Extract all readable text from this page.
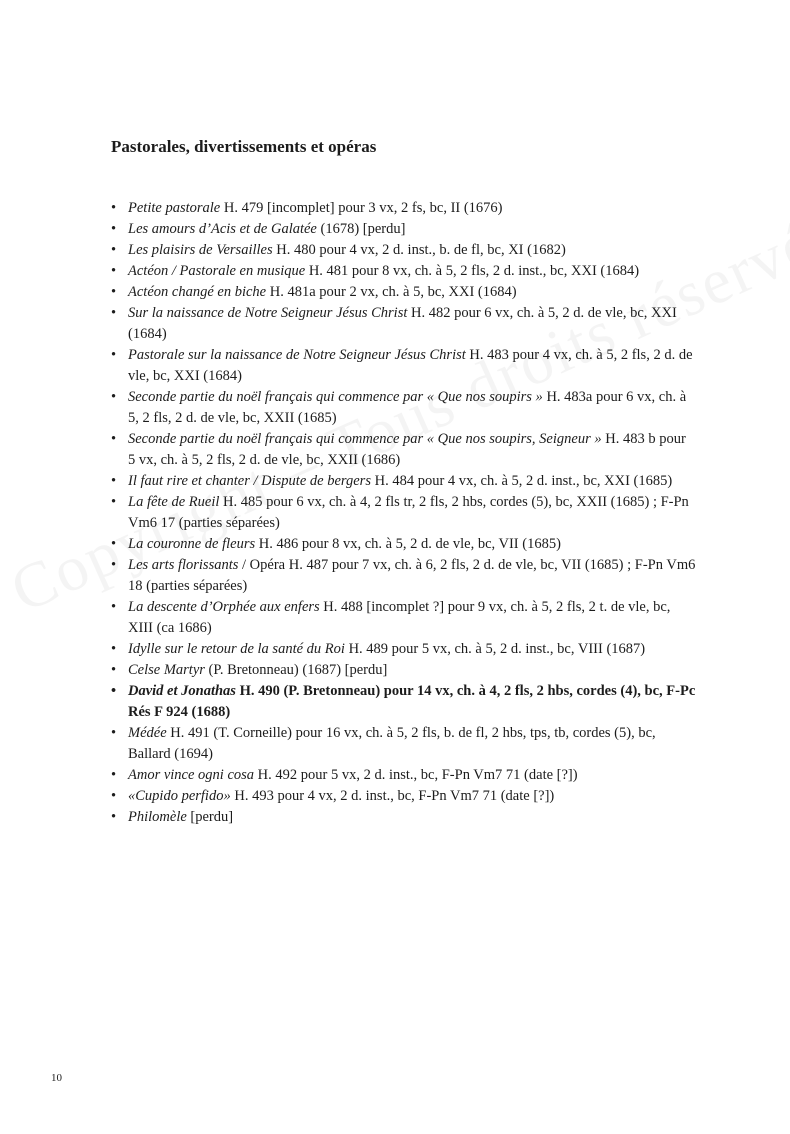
Pastorales, divertissements et opéras
• Petite pastorale H. 479 [incomplet] pour 3 vx, 2 fs, bc, II (1676)
• Les amours d’Acis et de Galatée (1678) [perdu]
• Les plaisirs de Versailles H. 480 pour 4 vx, 2 d. inst., b. de fl, bc, XI (1682)
• Actéon / Pastorale en musique H. 481 pour 8 vx, ch. à 5, 2 fls, 2 d. inst., bc, XXI (1684)
• Actéon changé en biche H. 481a pour 2 vx, ch. à 5, bc, XXI (1684)
• Sur la naissance de Notre Seigneur Jésus Christ H. 482 pour 6 vx, ch. à 5, 2 d. de vle, bc, XXI (1684)
• Pastorale sur la naissance de Notre Seigneur Jésus Christ H. 483 pour 4 vx, ch. à 5, 2 fls, 2 d. de vle, bc, XXI (1684)
• Seconde partie du noël français qui commence par « Que nos soupirs » H. 483a pour 6 vx, ch. à 5, 2 fls, 2 d. de vle, bc, XXII (1685)
• Seconde partie du noël français qui commence par « Que nos soupirs, Seigneur » H. 483 b pour 5 vx, ch. à 5, 2 fls, 2 d. de vle, bc, XXII (1686)
• Il faut rire et chanter / Dispute de bergers H. 484 pour 4 vx, ch. à 5, 2 d. inst., bc, XXI (1685)
• La fête de Rueil H. 485 pour 6 vx, ch. à 4, 2 fls tr, 2 fls, 2 hbs, cordes (5), bc, XXII (1685) ; F-Pn Vm6 17 (parties séparées)
• La couronne de fleurs H. 486 pour 8 vx, ch. à 5, 2 d. de vle, bc, VII (1685)
• Les arts florissants / Opéra H. 487 pour 7 vx, ch. à 6, 2 fls, 2 d. de vle, bc, VII (1685) ; F-Pn Vm6 18 (parties séparées)
• La descente d’Orphée aux enfers H. 488 [incomplet ?] pour 9 vx, ch. à 5, 2 fls, 2 t. de vle, bc, XIII (ca 1686)
• Idylle sur le retour de la santé du Roi H. 489 pour 5 vx, ch. à 5, 2 d. inst., bc, VIII (1687)
• Celse Martyr (P. Bretonneau) (1687) [perdu]
• David et Jonathas H. 490 (P. Bretonneau) pour 14 vx, ch. à 4, 2 fls, 2 hbs, cordes (4), bc, F-Pc Rés F 924 (1688)
• Médée H. 491 (T. Corneille) pour 16 vx, ch. à 5, 2 fls, b. de fl, 2 hbs, tps, tb, cordes (5), bc, Ballard (1694)
• Amor vince ogni cosa H. 492 pour 5 vx, 2 d. inst., bc, F-Pn Vm7 71 (date [?])
• «Cupido perfido» H. 493 pour 4 vx, 2 d. inst., bc, F-Pn Vm7 71 (date [?])
• Philomèle [perdu]
10
